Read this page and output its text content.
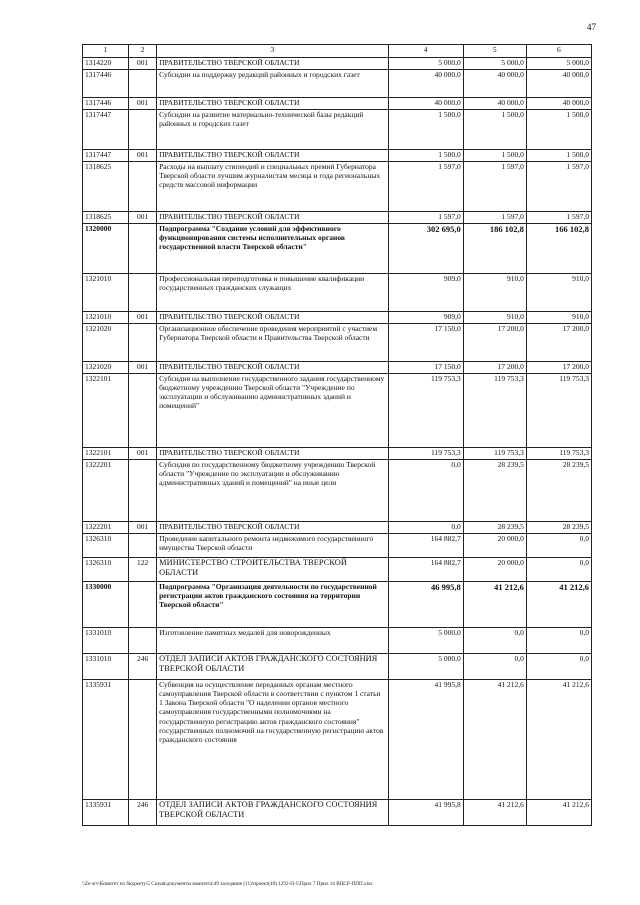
47
1	2	3	4	5	6
1314220	001	ПРАВИТЕЛЬСТВО ТВЕРСКОЙ ОБЛАСТИ	5 000,0	5 000,0	5 000,0
1317446		Субсидии на поддержку редакций районных и городских газет	40 000,0	40 000,0	40 000,0
1317446	001	ПРАВИТЕЛЬСТВО ТВЕРСКОЙ ОБЛАСТИ	40 000,0	40 000,0	40 000,0
1317447		Субсидии на развитие материально-технической базы редакций районных и городских газет	1 500,0	1 500,0	1 500,0
1317447	001	ПРАВИТЕЛЬСТВО ТВЕРСКОЙ ОБЛАСТИ	1 500,0	1 500,0	1 500,0
1318625		Расходы на выплату стипендий и специальных премий Губернатора Тверской области лучшим журналистам месяца и года региональных средств массовой информации	1 597,0	1 597,0	1 597,0
1318625	001	ПРАВИТЕЛЬСТВО ТВЕРСКОЙ ОБЛАСТИ	1 597,0	1 597,0	1 597,0
1320000		Подпрограмма "Создание условий для эффективного функционирования системы исполнительных органов государственной власти Тверской области"	302 695,0	186 102,8	166 102,8
1321010		Профессиональная переподготовка и повышение квалификации государственных гражданских служащих	909,0	910,0	910,0
1321010	001	ПРАВИТЕЛЬСТВО ТВЕРСКОЙ ОБЛАСТИ	909,0	910,0	910,0
1321020		Организационное обеспечение проведения мероприятий с участием Губернатора Тверской области и Правительства Тверской области	17 150,0	17 200,0	17 200,0
1321020	001	ПРАВИТЕЛЬСТВО ТВЕРСКОЙ ОБЛАСТИ	17 150,0	17 200,0	17 200,0
1322101		Субсидия на выполнение государственного задания государственному бюджетному учреждению Тверской области "Учреждение по эксплуатации и обслуживанию административных зданий и помещений"	119 753,3	119 753,3	119 753,3
1322101	001	ПРАВИТЕЛЬСТВО ТВЕРСКОЙ ОБЛАСТИ	119 753,3	119 753,3	119 753,3
1322201		Субсидия по государственному бюджетному учреждению Тверской области "Учреждение по эксплуатации и обслуживанию административных зданий и помещений" на иные цели	0,0	28 239,5	28 239,5
1322201	001	ПРАВИТЕЛЬСТВО ТВЕРСКОЙ ОБЛАСТИ	0,0	28 239,5	28 239,5
1326310		Проведение капитального ремонта недвижимого государственного имущества Тверской области	164 882,7	20 000,0	0,0
1326310	122	МИНИСТЕРСТВО СТРОИТЕЛЬСТВА ТВЕРСКОЙ ОБЛАСТИ	164 882,7	20 000,0	0,0
1330000		Подпрограмма "Организация деятельности по государственной регистрации актов гражданского состояния на территории Тверской области"	46 995,8	41 212,6	41 212,6
1331010		Изготовление памятных медалей для новорожденных	5 000,0	0,0	0,0
1331010	246	ОТДЕЛ ЗАПИСИ АКТОВ ГРАЖДАНСКОГО СОСТОЯНИЯ ТВЕРСКОЙ ОБЛАСТИ	5 000,0	0,0	0,0
1335931		Субвенция на осуществление переданных органам местного самоуправления Тверской области в соответствии с пунктом 1 статьи 1 Закона Тверской области "О наделении органов местного самоуправления государственными полномочиями на государственную регистрацию актов гражданского состояния" государственных полномочий на государственную регистрацию актов гражданского состояния	41 995,8	41 212,6	41 212,6
1335931	246	ОТДЕЛ ЗАПИСИ АКТОВ ГРАЖДАНСКОГО СОСТОЯНИЯ ТВЕРСКОЙ ОБЛАСТИ	41 995,8	41 212,6	41 212,6
\\Ze-srv\Комитет по бюджету\5 Созыв\документы комитета\49 заседание (11)\проект(49) 1292-П-5\Прил 7 Прил 14 ВЦСР-ППП.xlsx
